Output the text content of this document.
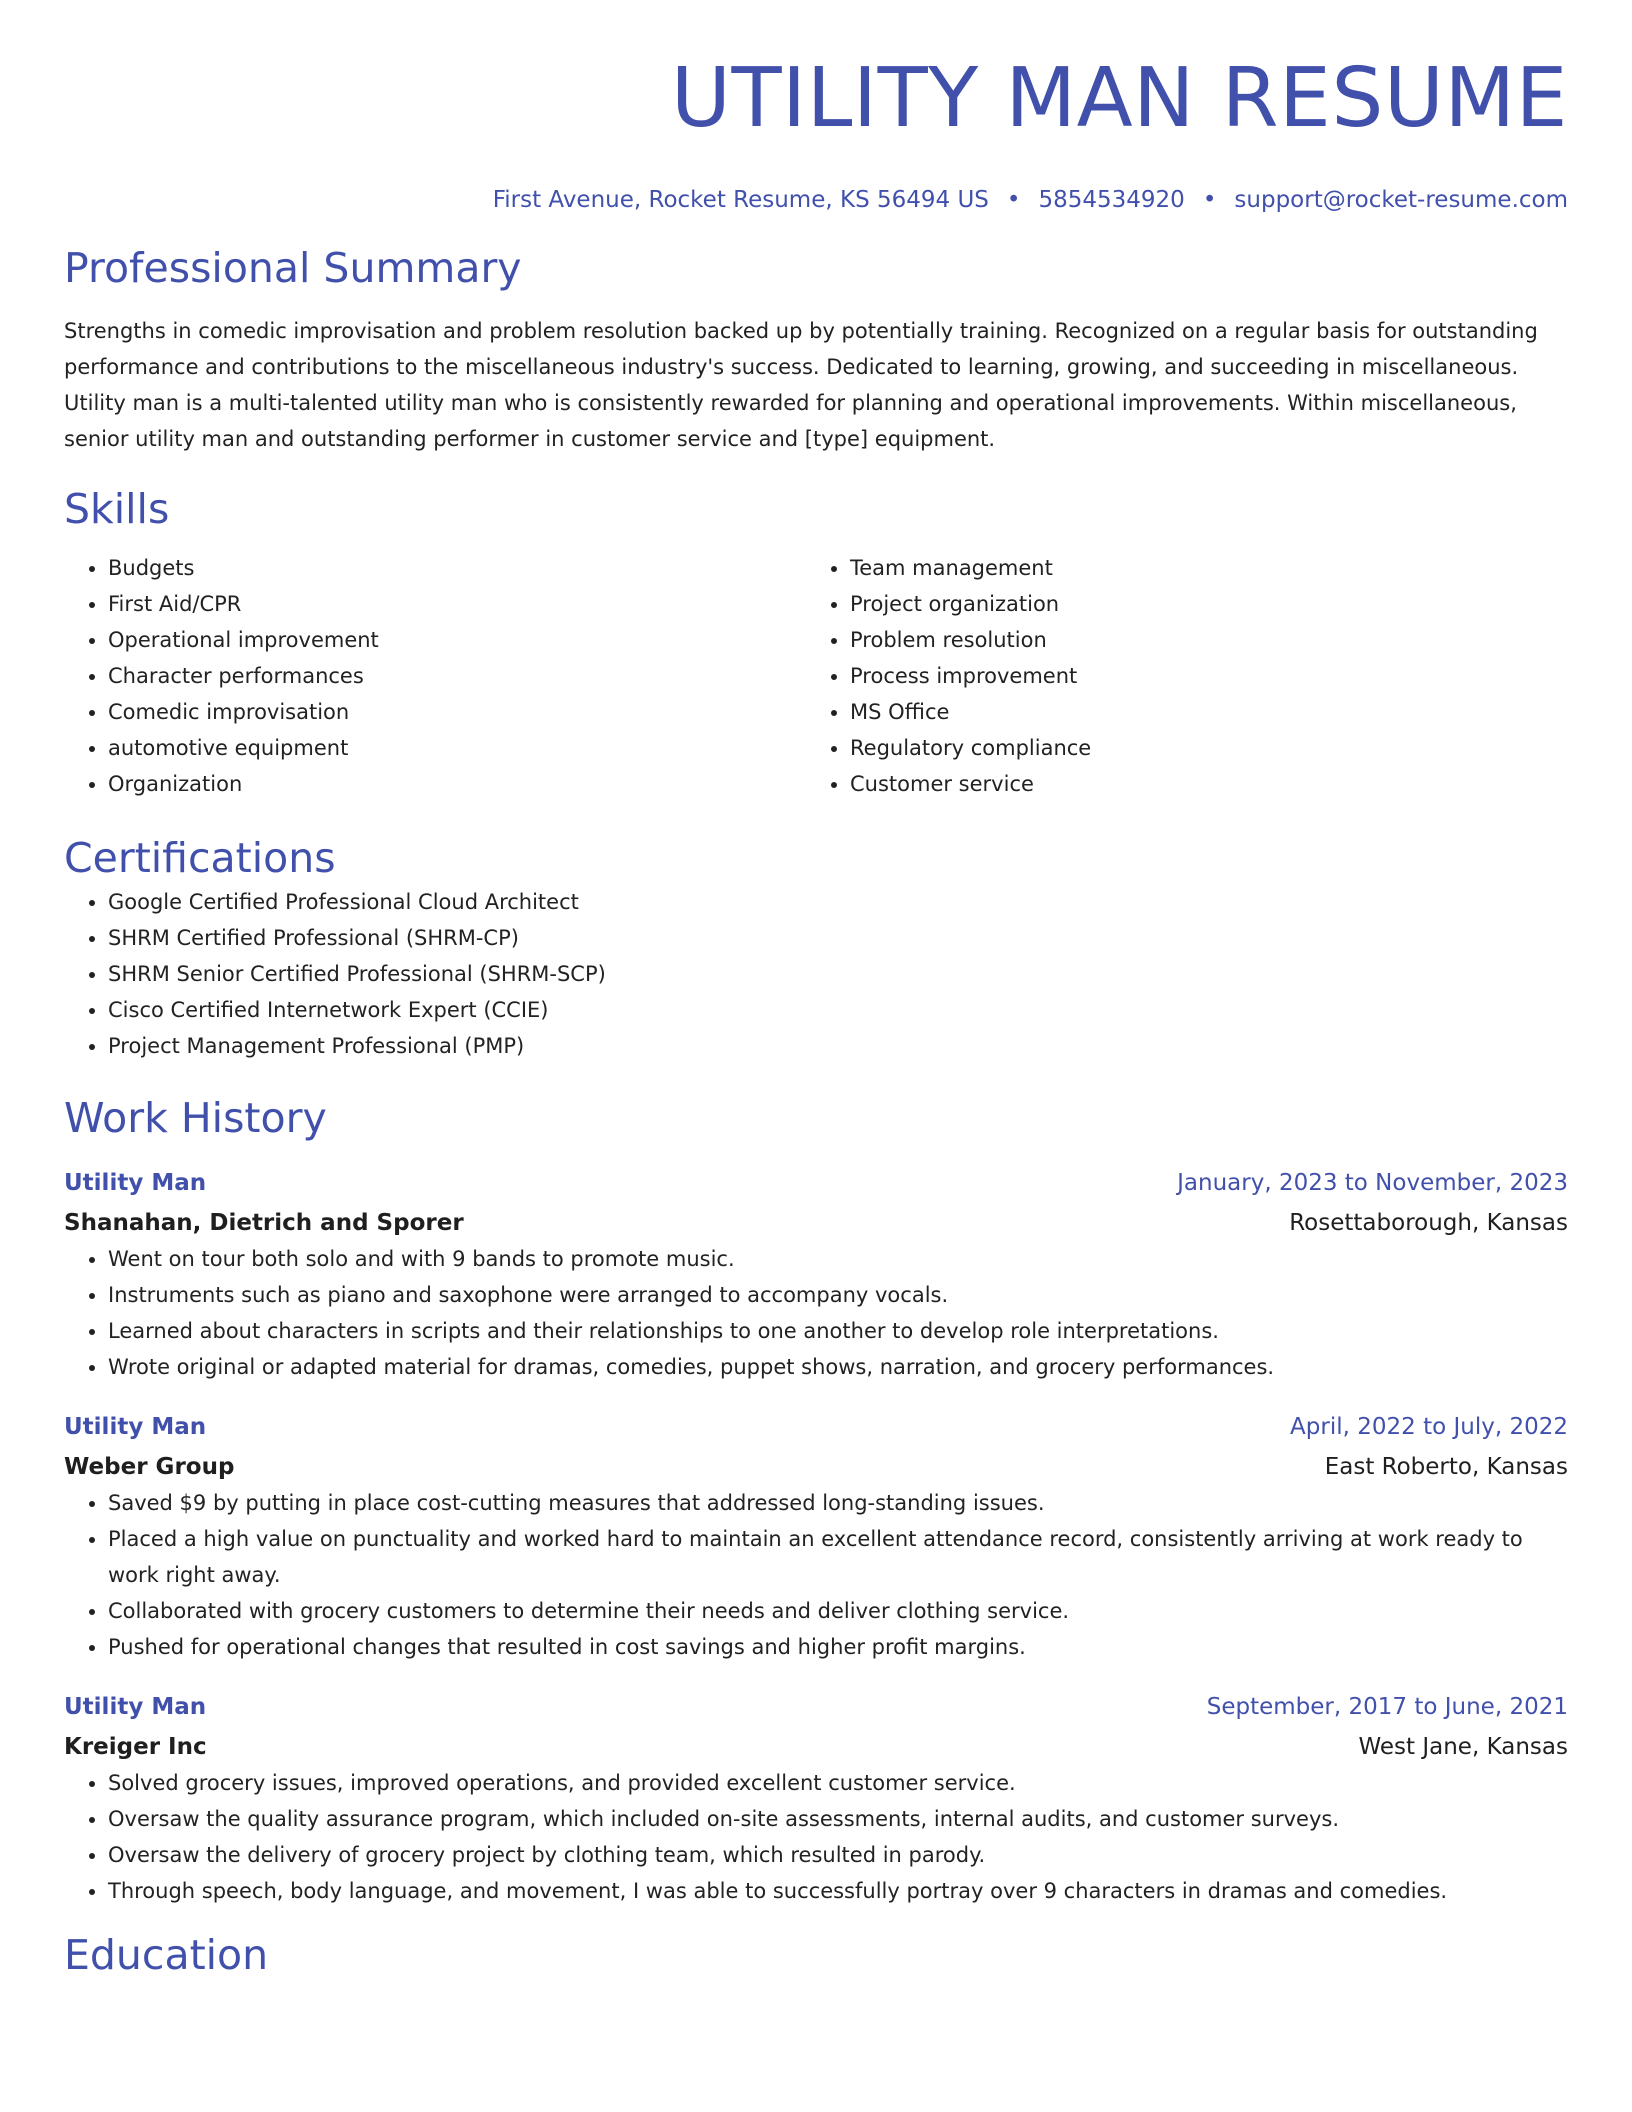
UTILITY MAN RESUME
First Avenue, Rocket Resume, KS 56494 US • 5854534920 • support@rocket-resume.com
Professional Summary

Strengths in comedic improvisation and problem resolution backed up by potentially training. Recognized on a regular basis for outstanding performance and contributions to the miscellaneous industry's success. Dedicated to learning, growing, and succeeding in miscellaneous. Utility man is a multi-talented utility man who is consistently rewarded for planning and operational improvements. Within miscellaneous, senior utility man and outstanding performer in customer service and [type] equipment.

Skills
• Budgets
• First Aid/CPR
• Operational improvement
• Character performances
• Comedic improvisation
• automotive equipment
• Organization
• Team management
• Project organization
• Problem resolution
• Process improvement
• MS Office
• Regulatory compliance
• Customer service
Certifications
• Google Certified Professional Cloud Architect
• SHRM Certified Professional (SHRM-CP)
• SHRM Senior Certified Professional (SHRM-SCP)
• Cisco Certified Internetwork Expert (CCIE)
• Project Management Professional (PMP)
Work History
Utility Man	January, 2023 to November, 2023
Shanahan, Dietrich and Sporer	Rosettaborough, Kansas
• Went on tour both solo and with 9 bands to promote music.
• Instruments such as piano and saxophone were arranged to accompany vocals.
• Learned about characters in scripts and their relationships to one another to develop role interpretations.
• Wrote original or adapted material for dramas, comedies, puppet shows, narration, and grocery performances.
Utility Man	April, 2022 to July, 2022
Weber Group	East Roberto, Kansas
• Saved $9 by putting in place cost-cutting measures that addressed long-standing issues.
• Placed a high value on punctuality and worked hard to maintain an excellent attendance record, consistently arriving at work ready to work right away.
• Collaborated with grocery customers to determine their needs and deliver clothing service.
• Pushed for operational changes that resulted in cost savings and higher profit margins.
Utility Man	September, 2017 to June, 2021
Kreiger Inc	West Jane, Kansas
• Solved grocery issues, improved operations, and provided excellent customer service.
• Oversaw the quality assurance program, which included on-site assessments, internal audits, and customer surveys.
• Oversaw the delivery of grocery project by clothing team, which resulted in parody.
• Through speech, body language, and movement, I was able to successfully portray over 9 characters in dramas and comedies.
Education
